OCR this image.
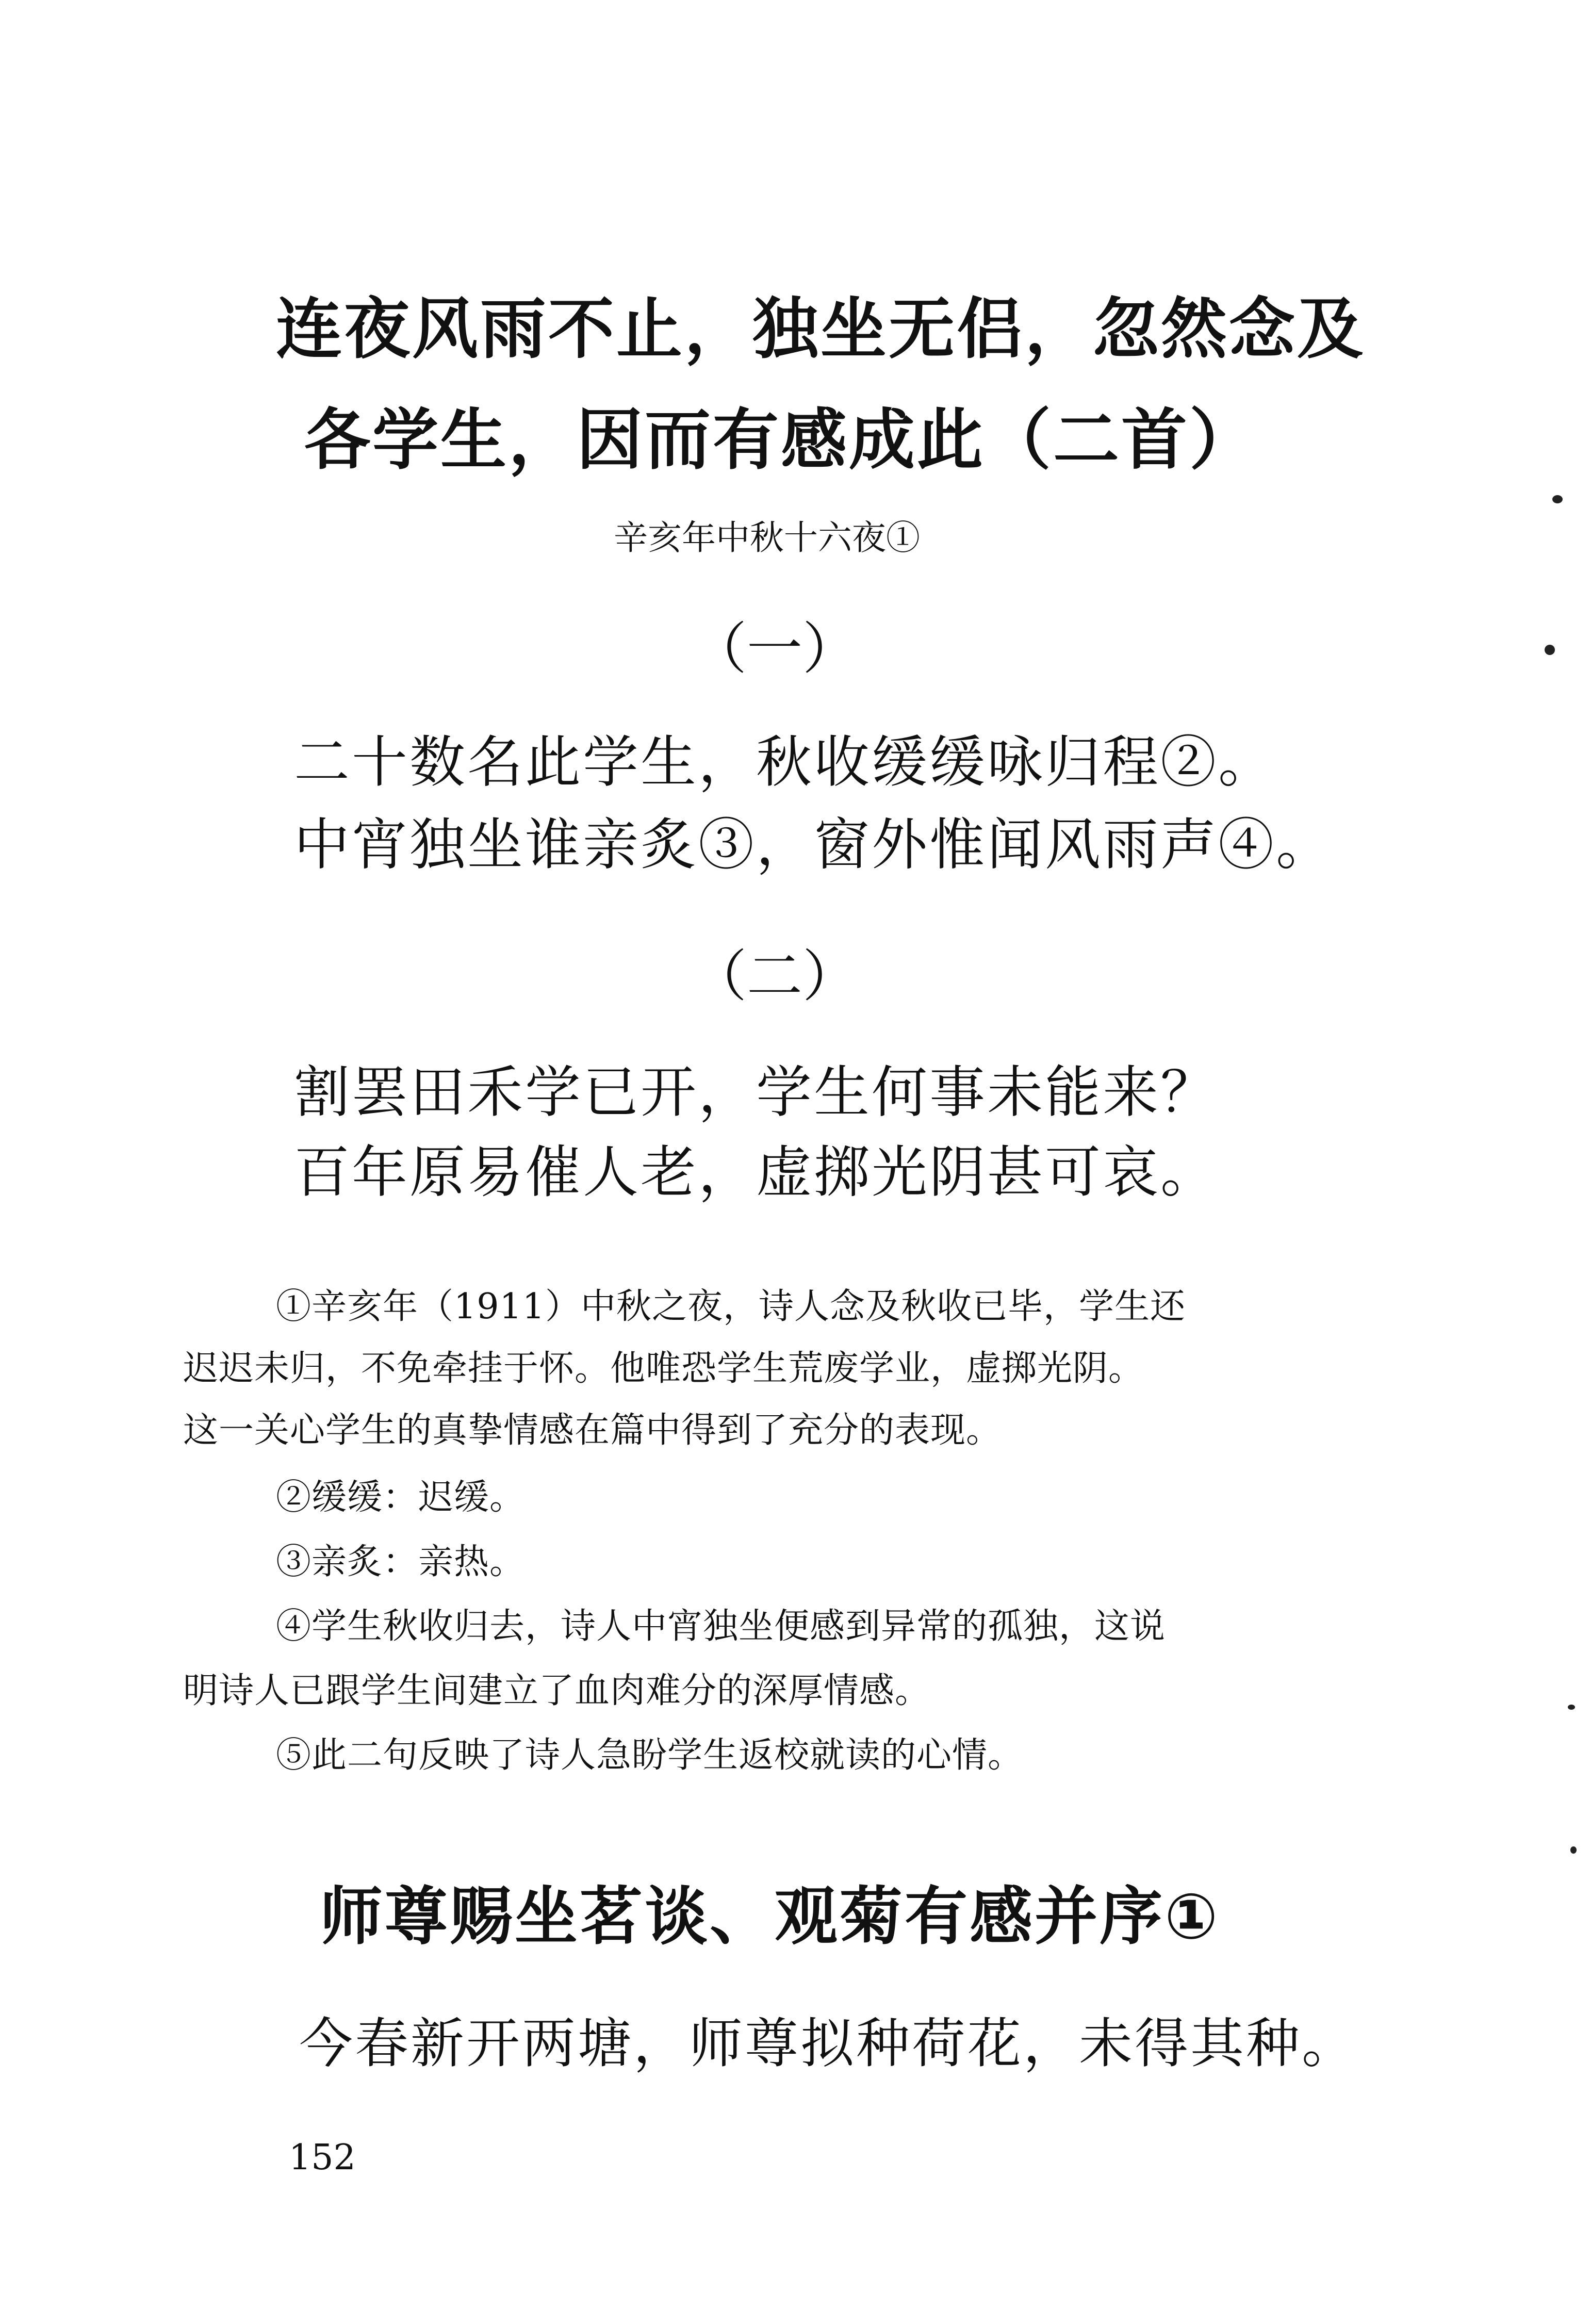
连夜风雨不止，独坐无侣，忽然念及
各学生，因而有感成此（二首）
辛亥年中秋十六夜①
（一）
二十数名此学生，秋收缓缓咏归程②。
中宵独坐谁亲炙③，窗外惟闻风雨声④。
（二）
割罢田禾学已开，学生何事未能来？
百年原易催人老，虚掷光阴甚可哀。
①辛亥年（1911）中秋之夜，诗人念及秋收已毕，学生还
迟迟未归，不免牵挂于怀。他唯恐学生荒废学业，虚掷光阴。
这一关心学生的真挚情感在篇中得到了充分的表现。
②缓缓：迟缓。
③亲炙：亲热。
④学生秋收归去，诗人中宵独坐便感到异常的孤独，这说
明诗人已跟学生间建立了血肉难分的深厚情感。
⑤此二句反映了诗人急盼学生返校就读的心情。
师尊赐坐茗谈、观菊有感并序①
今春新开两塘，师尊拟种荷花，未得其种。
152
